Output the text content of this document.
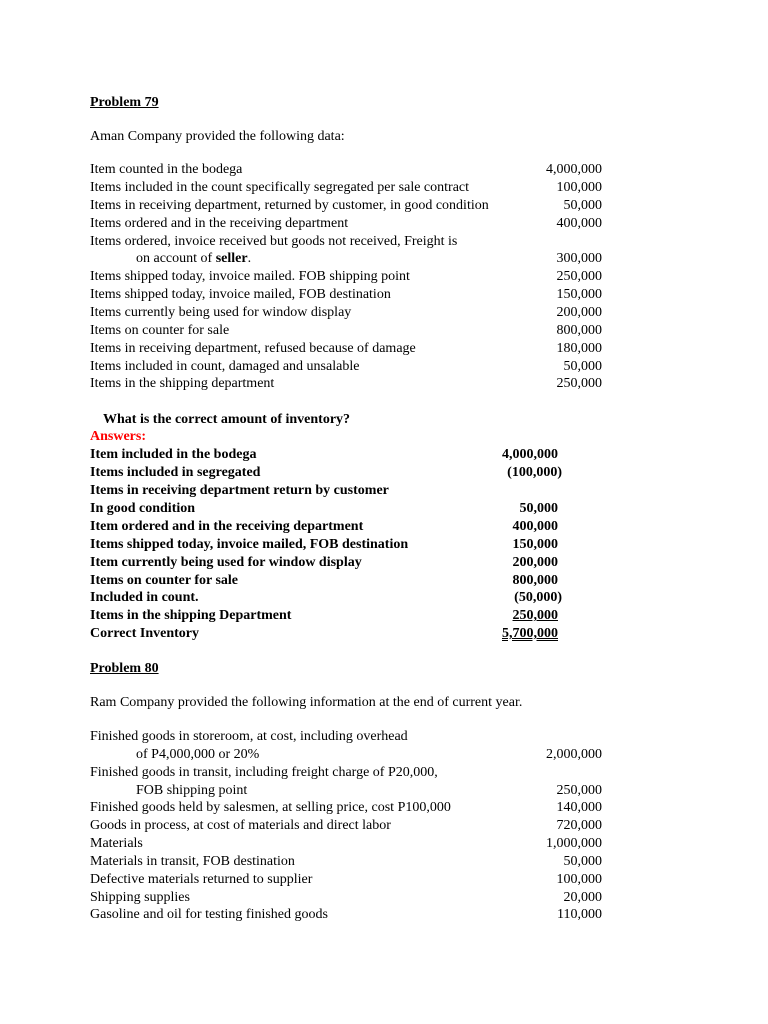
Problem 79
Aman Company provided the following data:
Item counted in the bodega	4,000,000
Items included in the count specifically segregated per sale contract	100,000
Items in receiving department, returned by customer, in good condition	50,000
Items ordered and in the receiving department	400,000
Items ordered, invoice received but goods not received, Freight is
on account of seller.	300,000
Items shipped today, invoice mailed. FOB shipping point	250,000
Items shipped today, invoice mailed, FOB destination	150,000
Items currently being used for window display	200,000
Items on counter for sale	800,000
Items in receiving department, refused because of damage	180,000
Items included in count, damaged and unsalable	50,000
Items in the shipping department	250,000
What is the correct amount of inventory?
Answers:
Item included in the bodega	4,000,000
Items included in segregated	(100,000)
Items in receiving department return by customer
In good condition	50,000
Item ordered and in the receiving department	400,000
Items shipped today, invoice mailed, FOB destination	150,000
Item currently being used for window display	200,000
Items on counter for sale	800,000
Included in count.	(50,000)
Items in the shipping Department	250,000
Correct Inventory	5,700,000
Problem 80
Ram Company provided the following information at the end of current year.
Finished goods in storeroom, at cost, including overhead
of P4,000,000 or 20%	2,000,000
Finished goods in transit, including freight charge of P20,000,
FOB shipping point	250,000
Finished goods held by salesmen, at selling price, cost P100,000	140,000
Goods in process, at cost of materials and direct labor	720,000
Materials	1,000,000
Materials in transit, FOB destination	50,000
Defective materials returned to supplier	100,000
Shipping supplies	20,000
Gasoline and oil for testing finished goods	110,000
